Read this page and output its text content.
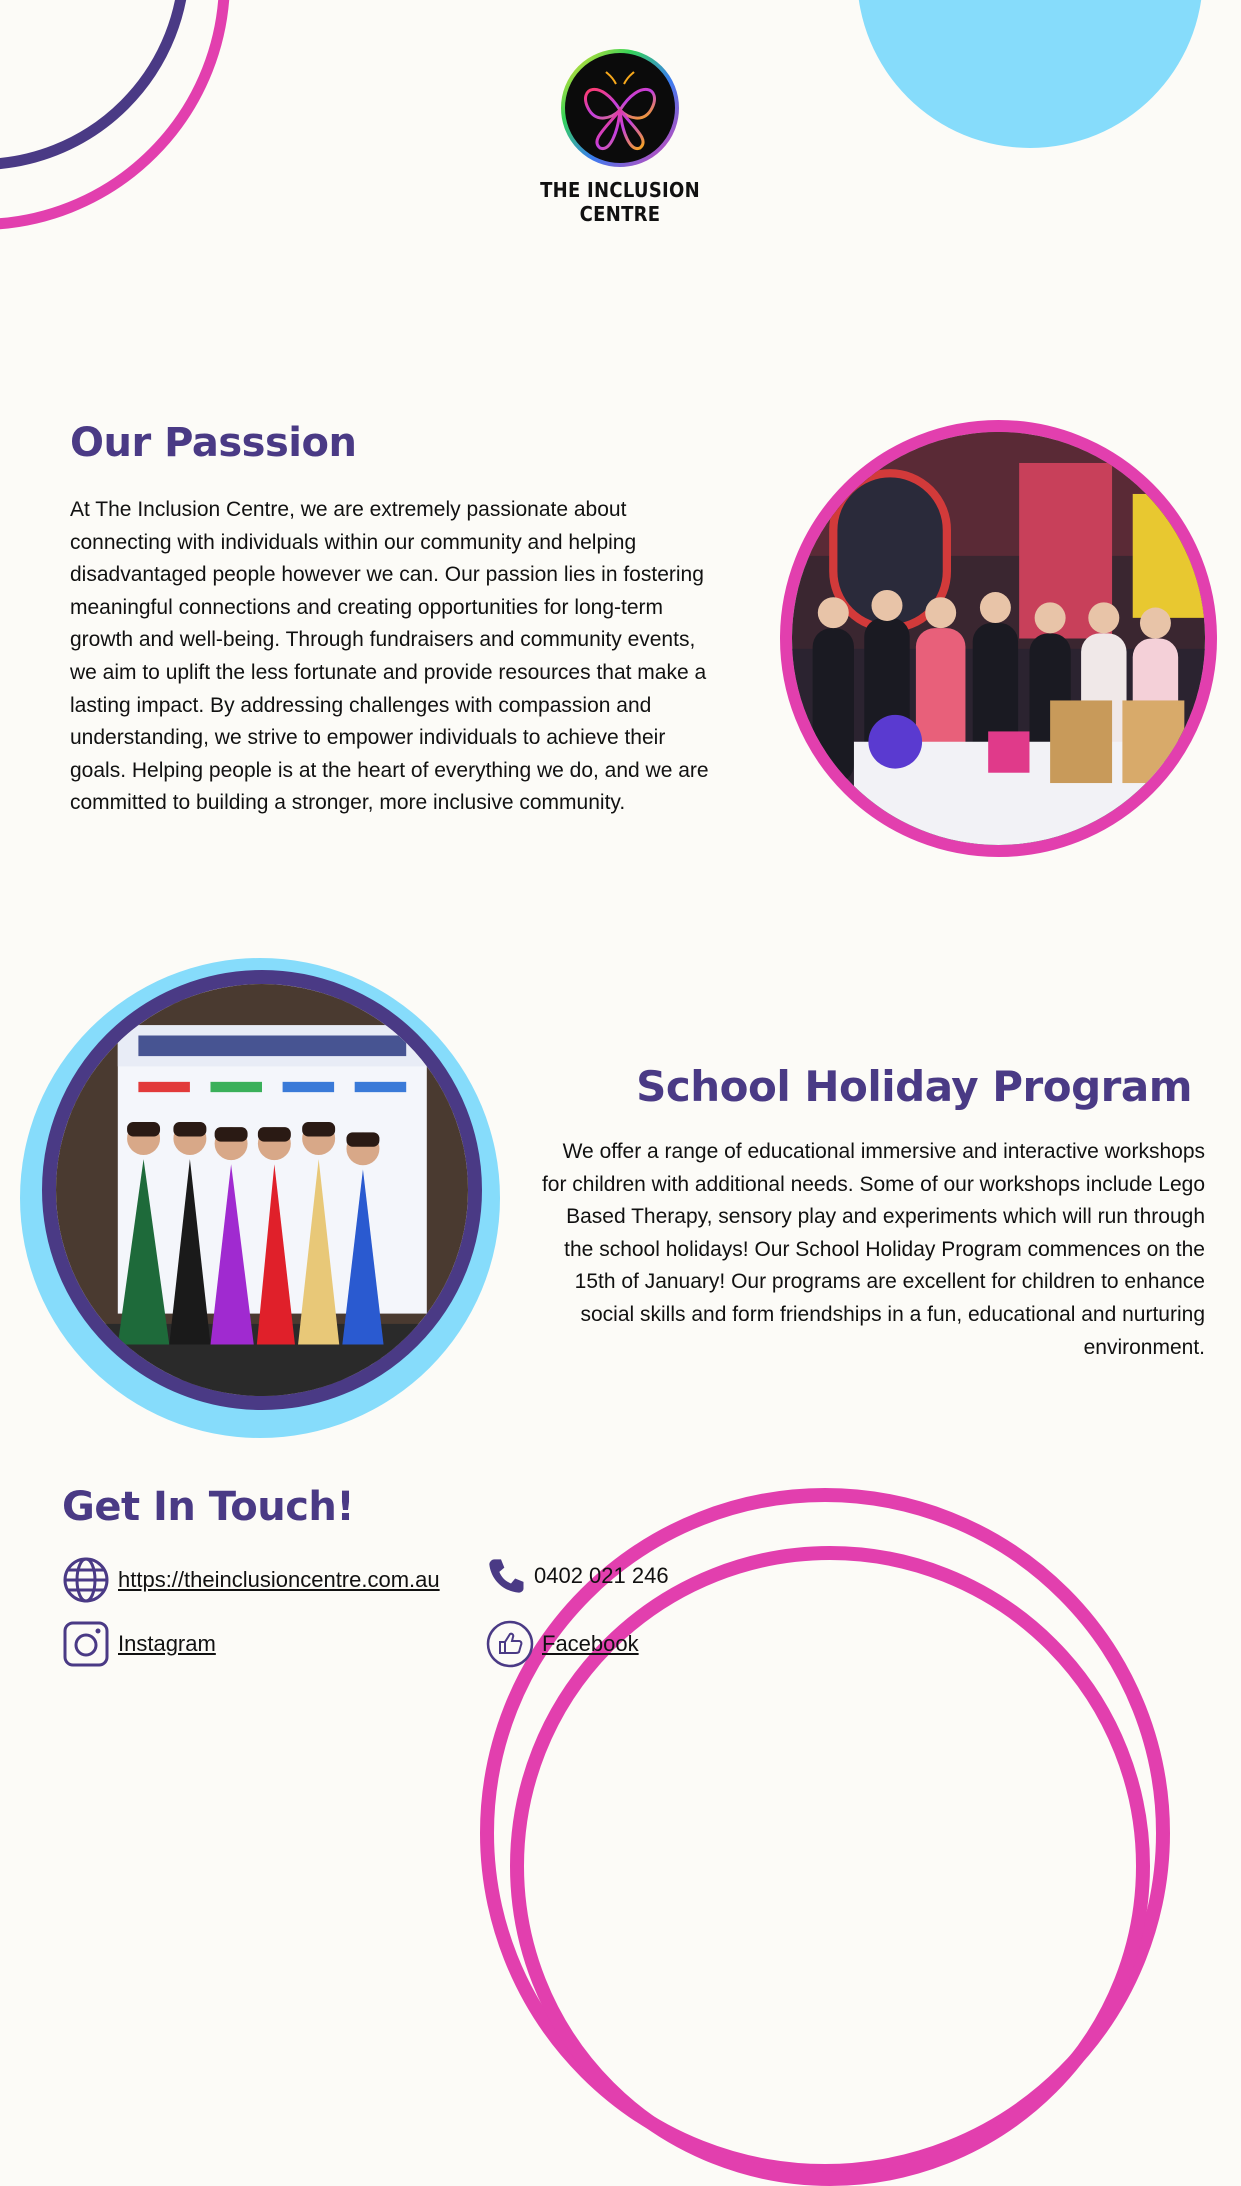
THE INCLUSION CENTRE
Our Passsion

At The Inclusion Centre, we are extremely passionate about connecting with individuals within our community and helping disadvantaged people however we can. Our passion lies in fostering meaningful connections and creating opportunities for long-term growth and well-being. Through fundraisers and community events, we aim to uplift the less fortunate and provide resources that make a lasting impact. By addressing challenges with compassion and understanding, we strive to empower individuals to achieve their goals. Helping people is at the heart of everything we do, and we are committed to building a stronger, more inclusive community.

School Holiday Program

We offer a range of educational immersive and interactive workshops for children with additional needs. Some of our workshops include Lego Based Therapy, sensory play and experiments which will run through the school holidays! Our School Holiday Program commences on the 15th of January! Our programs are excellent for children to enhance social skills and form friendships in a fun, educational and nurturing environment.

Get In Touch!
https://theinclusioncentre.com.au	0402 021 246
Instagram	Facebook
